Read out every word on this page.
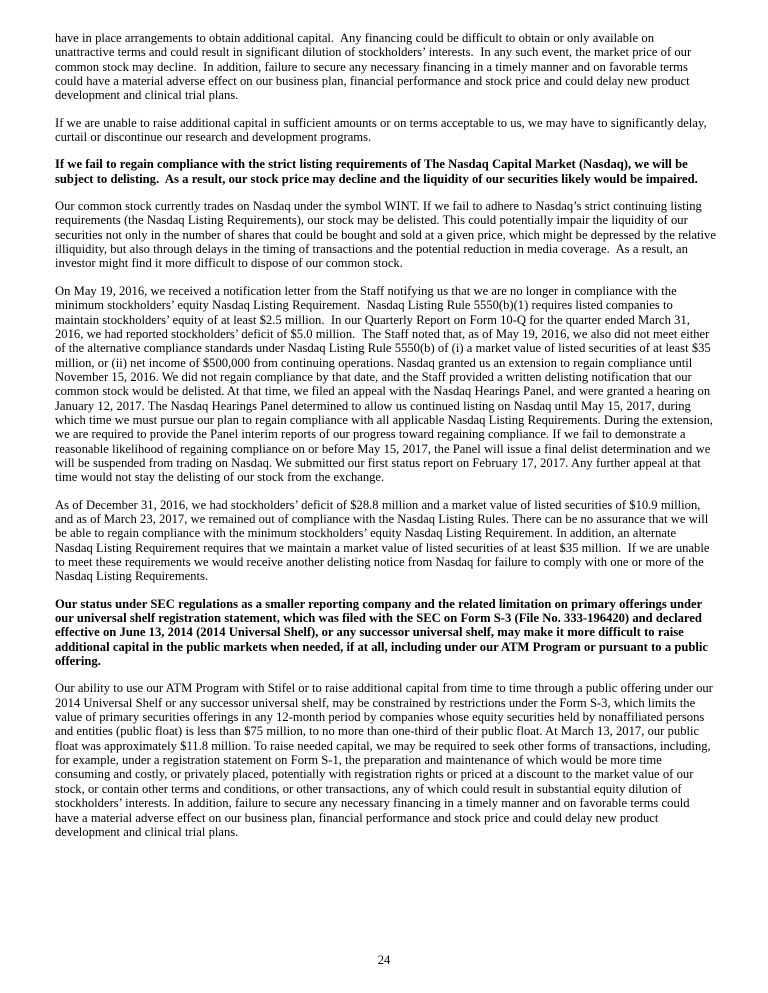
have in place arrangements to obtain additional capital.  Any financing could be difficult to obtain or only available on unattractive terms and could result in significant dilution of stockholders’ interests.  In any such event, the market price of our common stock may decline.  In addition, failure to secure any necessary financing in a timely manner and on favorable terms could have a material adverse effect on our business plan, financial performance and stock price and could delay new product development and clinical trial plans.

If we are unable to raise additional capital in sufficient amounts or on terms acceptable to us, we may have to significantly delay, curtail or discontinue our research and development programs.

If we fail to regain compliance with the strict listing requirements of The Nasdaq Capital Market (Nasdaq), we will be subject to delisting.  As a result, our stock price may decline and the liquidity of our securities likely would be impaired.

Our common stock currently trades on Nasdaq under the symbol WINT. If we fail to adhere to Nasdaq’s strict continuing listing requirements (the Nasdaq Listing Requirements), our stock may be delisted. This could potentially impair the liquidity of our securities not only in the number of shares that could be bought and sold at a given price, which might be depressed by the relative illiquidity, but also through delays in the timing of transactions and the potential reduction in media coverage.  As a result, an investor might find it more difficult to dispose of our common stock.

On May 19, 2016, we received a notification letter from the Staff notifying us that we are no longer in compliance with the minimum stockholders’ equity Nasdaq Listing Requirement.  Nasdaq Listing Rule 5550(b)(1) requires listed companies to maintain stockholders’ equity of at least $2.5 million.  In our Quarterly Report on Form 10-Q for the quarter ended March 31, 2016, we had reported stockholders’ deficit of $5.0 million.  The Staff noted that, as of May 19, 2016, we also did not meet either of the alternative compliance standards under Nasdaq Listing Rule 5550(b) of (i) a market value of listed securities of at least $35 million, or (ii) net income of $500,000 from continuing operations. Nasdaq granted us an extension to regain compliance until November 15, 2016. We did not regain compliance by that date, and the Staff provided a written delisting notification that our common stock would be delisted. At that time, we filed an appeal with the Nasdaq Hearings Panel, and were granted a hearing on January 12, 2017. The Nasdaq Hearings Panel determined to allow us continued listing on Nasdaq until May 15, 2017, during which time we must pursue our plan to regain compliance with all applicable Nasdaq Listing Requirements. During the extension, we are required to provide the Panel interim reports of our progress toward regaining compliance. If we fail to demonstrate a reasonable likelihood of regaining compliance on or before May 15, 2017, the Panel will issue a final delist determination and we will be suspended from trading on Nasdaq. We submitted our first status report on February 17, 2017. Any further appeal at that time would not stay the delisting of our stock from the exchange.

As of December 31, 2016, we had stockholders’ deficit of $28.8 million and a market value of listed securities of $10.9 million, and as of March 23, 2017, we remained out of compliance with the Nasdaq Listing Rules. There can be no assurance that we will be able to regain compliance with the minimum stockholders’ equity Nasdaq Listing Requirement. In addition, an alternate Nasdaq Listing Requirement requires that we maintain a market value of listed securities of at least $35 million.  If we are unable to meet these requirements we would receive another delisting notice from Nasdaq for failure to comply with one or more of the Nasdaq Listing Requirements.

Our status under SEC regulations as a smaller reporting company and the related limitation on primary offerings under our universal shelf registration statement, which was filed with the SEC on Form S-3 (File No. 333-196420) and declared effective on June 13, 2014 (2014 Universal Shelf), or any successor universal shelf, may make it more difficult to raise additional capital in the public markets when needed, if at all, including under our ATM Program or pursuant to a public offering.

Our ability to use our ATM Program with Stifel or to raise additional capital from time to time through a public offering under our 2014 Universal Shelf or any successor universal shelf, may be constrained by restrictions under the Form S-3, which limits the value of primary securities offerings in any 12-month period by companies whose equity securities held by nonaffiliated persons and entities (public float) is less than $75 million, to no more than one-third of their public float. At March 13, 2017, our public float was approximately $11.8 million. To raise needed capital, we may be required to seek other forms of transactions, including, for example, under a registration statement on Form S-1, the preparation and maintenance of which would be more time consuming and costly, or privately placed, potentially with registration rights or priced at a discount to the market value of our stock, or contain other terms and conditions, or other transactions, any of which could result in substantial equity dilution of stockholders’ interests. In addition, failure to secure any necessary financing in a timely manner and on favorable terms could have a material adverse effect on our business plan, financial performance and stock price and could delay new product development and clinical trial plans.

24
